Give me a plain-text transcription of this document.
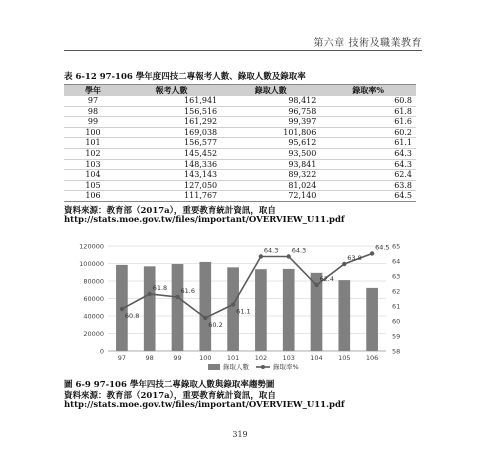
第六章 技術及職業教育
表 6-12 97-106 學年度四技二專報考人數、錄取人數及錄取率
學年	報考人數	錄取人數	錄取率%
97	161,941	98,412	60.8
98	156,516	96,758	61.8
99	161,292	99,397	61.6
100	169,038	101,806	60.2
101	156,577	95,612	61.1
102	145,452	93,500	64.3
103	148,336	93,841	64.3
104	143,143	89,322	62.4
105	127,050	81,024	63.8
106	111,767	72,140	64.5
資料來源：教育部（2017a），重要教育統計資訊，取自
http://stats.moe.gov.tw/files/important/OVERVIEW_U11.pdf
0
20000
40000
60000
80000
100000
120000
58
59
60
61
62
63
64
65
60.8
61.8 61.6
60.2
61.1
64.3 64.3
62.4
63.8
64.5
97	98	99	100 101 102 103 104 105 106
錄取人數	錄取率%
圖 6-9 97-106 學年四技二專錄取人數與錄取率趨勢圖
資料來源：教育部（2017a），重要教育統計資訊，取自
http://stats.moe.gov.tw/files/important/OVERVIEW_U11.pdf
319
